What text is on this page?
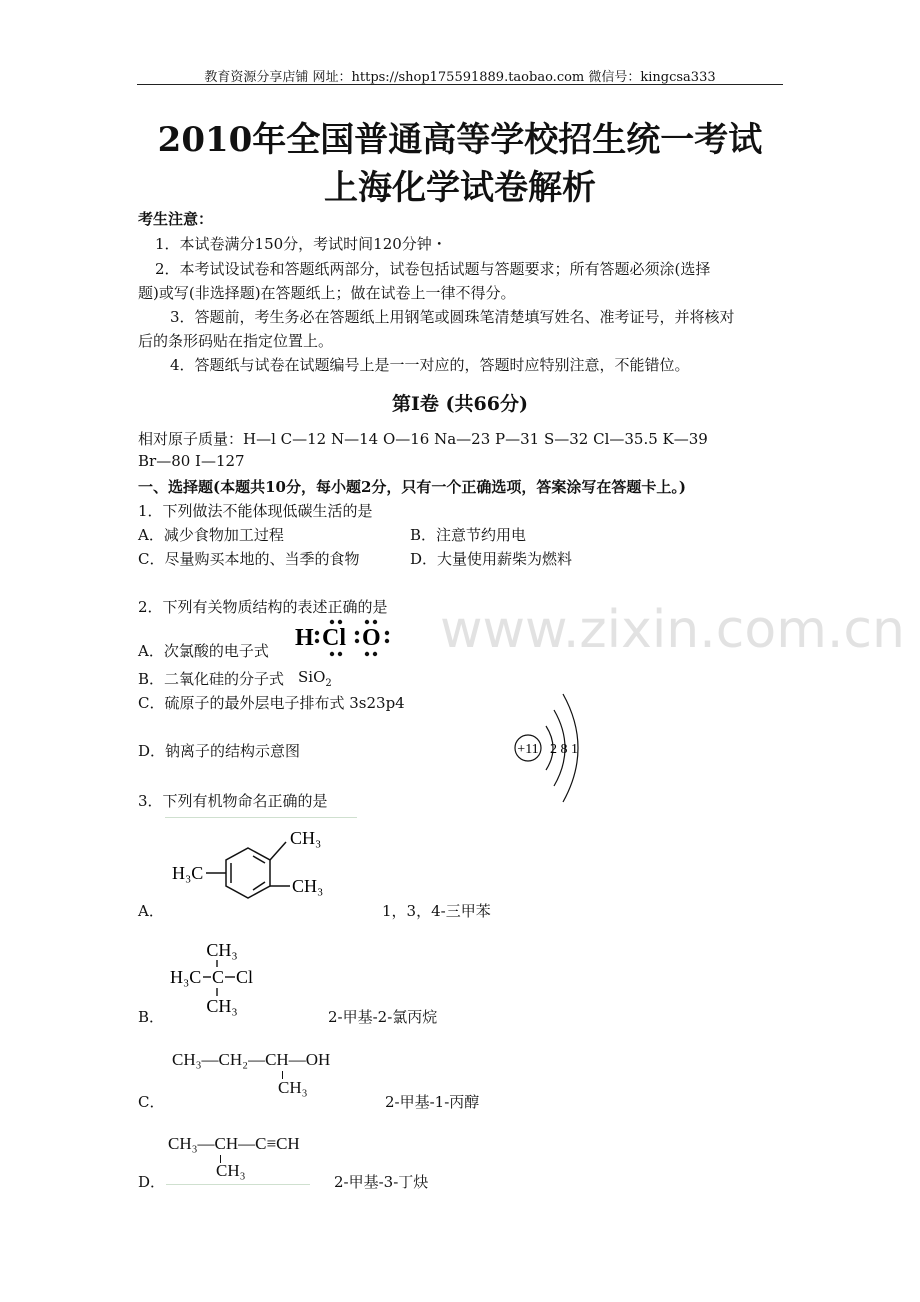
教育资源分享店铺 网址：https://shop175591889.taobao.com 微信号：kingcsa333
2010年全国普通高等学校招生统一考试
上海化学试卷解析
考生注意：
1．本试卷满分150分，考试时间120分钟・
2．本考试设试卷和答题纸两部分，试卷包括试题与答题要求；所有答题必须涂(选择
题)或写(非选择题)在答题纸上；做在试卷上一律不得分。
3．答题前，考生务必在答题纸上用钢笔或圆珠笔清楚填写姓名、准考证号，并将核对
后的条形码贴在指定位置上。
4．答题纸与试卷在试题编号上是一一对应的，答题时应特别注意，不能错位。
第Ⅰ卷 (共66分)
相对原子质量：H—l C—12 N—14 O—16 Na—23 P—31 S—32 Cl—35.5 K—39
Br—80 I—127
一、选择题(本题共10分，每小题2分，只有一个正确选项，答案涂写在答题卡上。)
www.zixin.com.cn
1．下列做法不能体现低碳生活的是
A．减少食物加工过程	B．注意节约用电
C．尽量购买本地的、当季的食物	D．大量使用薪柴为燃料
2．下列有关物质结构的表述正确的是
A．次氯酸的电子式 H Cl O
B．二氧化硅的分子式 SiO$_2$
C．硫原子的最外层电子排布式 3s23p4
D．钠离子的结构示意图	+11 2 8 1
3．下列有机物命名正确的是
H₃C
CH₃
CH₃
A．	1，3，4-三甲苯
CH₃
H₃C C Cl
CH₃
B．	2-甲基-2-氯丙烷
CH₃—CH₂—CH—OH
CH₃
C．	2-甲基-1-丙醇
CH₃—CH—C≡CH
CH₃
D．	2-甲基-3-丁炔
